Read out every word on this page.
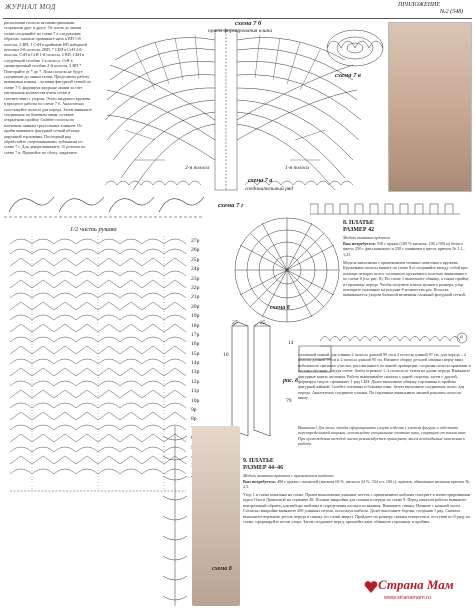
ЖУРНАЛ МОД	ПРИЛОЖЕНИЕ
№2 (548)
расположив полосы несимметричными сторонами друг к другу. От плеча до линии талии соединяйте по схеме 7 а следующим образом: сначала провяжите нить к ВП 1-й полосы, 2 ВП, 1 СтН в крайнюю ВП наборной цепочки 2-й полосы, 2ВП, * СБН в СтН 2-й полосы, СтН в СтН 1-й полосы, 2 ВП, СБН в следующий столбик 1-я полоса, СтН в симметричный столбик 2-й полосы, 2 ВП *. Повторяйте от * до *. Пока полосы не будут соединены до линии талии. Продолжите работу вывязывая клинья – вставки фигурной сеткой по схеме 7 б, формируя ажурные линии за счет увеличения количества ячеек сетки в соответствии с узором. Этого ажурного кружева в процессе работы по схеме 7 б. Аналогично соостыкуйте полосы для переда. Затем вывяжите соединение по боковым швам, оставив открытыми пройму. Сшейте полосы по плечевым линиям треугольных клиньев. От пройм вывяжите фигурной сеткой обтачку окружной горловины. Последний ряд обработайте «черемыжными» зубчиками по схеме 7 г. Для декора вывяжите 15 розочек по схеме 7 в. Пришейте их сбоку, закрепите.
схема 7 б
прием формирования клина
2-я полоса	1-я полоса
соединительный ряд
схема 7 а
схема 7 в
схема 7 г
8. ПЛАТЬЕ
РАЗМЕР 42
Модель вывязана крючком
Вам потребуется: 550 г пряжи (100 % вискоза; 100 г/300 м) белого цвета; 250 г фисташкового и 250 г оливкового цвета; крючок № 1,1–1,25.
Модель выполнена с применением техники ленточного кружева. Кружевные полосы вяжите по схеме 8 и соединяйте между собой при помощи четырех полос сплошного кружевного полотна, вывязанного по схеме 8 (см. рис. 8). По схеме 1 выполните обвязку, а также пройму и горловину переда. Чтобы получить платье нужного размера, узор повторите указанное на рисунке 8 количество раз. Полоска вывязывается узором большой величины сложный фигурной сеткой.
схема 8
а
1/2 часть рукава
27р
26р
25р
24р
23р
22р
21р
20р
19р
18р
17р
16р
15р
14р
13р
12р
11р
10р
9р
8р
27	25
14
16
79
рис. 8
сплошной тонкой для спинки 2 полосы длиной 99 см и 2 полосы длиной 97 см, для переда – 2 полосы длиной 99 см и 2 полосы длиной 95 см. Начните сборку деталей спинки сверху вниз небольшого цветного участка, рассчитанного по вашей пропорции, соединяя полосы прямыми и косыми петлями, следуя схеме. Затем отрежьте 1–2 полосы от талии на длине переда. Вывяжите фигурные канты ластиком. Работу вывязывайте сначала с одной стороны, затем с другой, формируя силуэт, провяжите 1 ряд СБН. Далее выполните обвязку горловины и проймы фигурной каймой. Сшейте плечевые и боковые швы. Затем выполните соединение полос для переда. Аналогично соедините планки. По горловине вывязывать линией ракушки полосок внизу.
Внимание! Для того, чтобы сформировать силуэт изделия с учетом фигуры и избежать переопределенной ширины, используйте специальные плотные швы, сокращая от талии вниз. При прохождении каждой части рекомендуется примерять, внося необходимые изменения в работу.
схема 8
9. ПЛАТЬЕ
РАЗМЕР 44–46
Модель вывязана крючком с применением шаблона
Вам потребуется: 400 г пряжи с вискозой (вискоза 66 %, вискоза 34 %; 334 м х 100 г); крючок, обвязанное нитками крючок № 2,5.
Узор 1 и схема показаны на схеме. Прием выполнения длинных петель с применением шаблона смотрите в иллюстрированном курсе Ольги Даниловой на странице 48. Полные выкройки для спинки и переда по схеме 9. Перед началом работы вывяжите контрольный образец для выбора шаблона и определения плотности вязания. Вывяжите спинку. Начните с нижней части. Согласно выкройке вывяжите 200 длинных петель, используя шаблон. Далее выполните бортик, соединив 1 ряд. Сначала выполните верхнюю деталь переда и спинку (от талии вверх). Пройдите по размеру спинки отверстия и, отступив по 8 ряду по схеме, сформируйте петли узора. Затем соедините перед, пришейте кант, обвяжите горловину и проймы.
Страна Мам
www.stranamam.ru
